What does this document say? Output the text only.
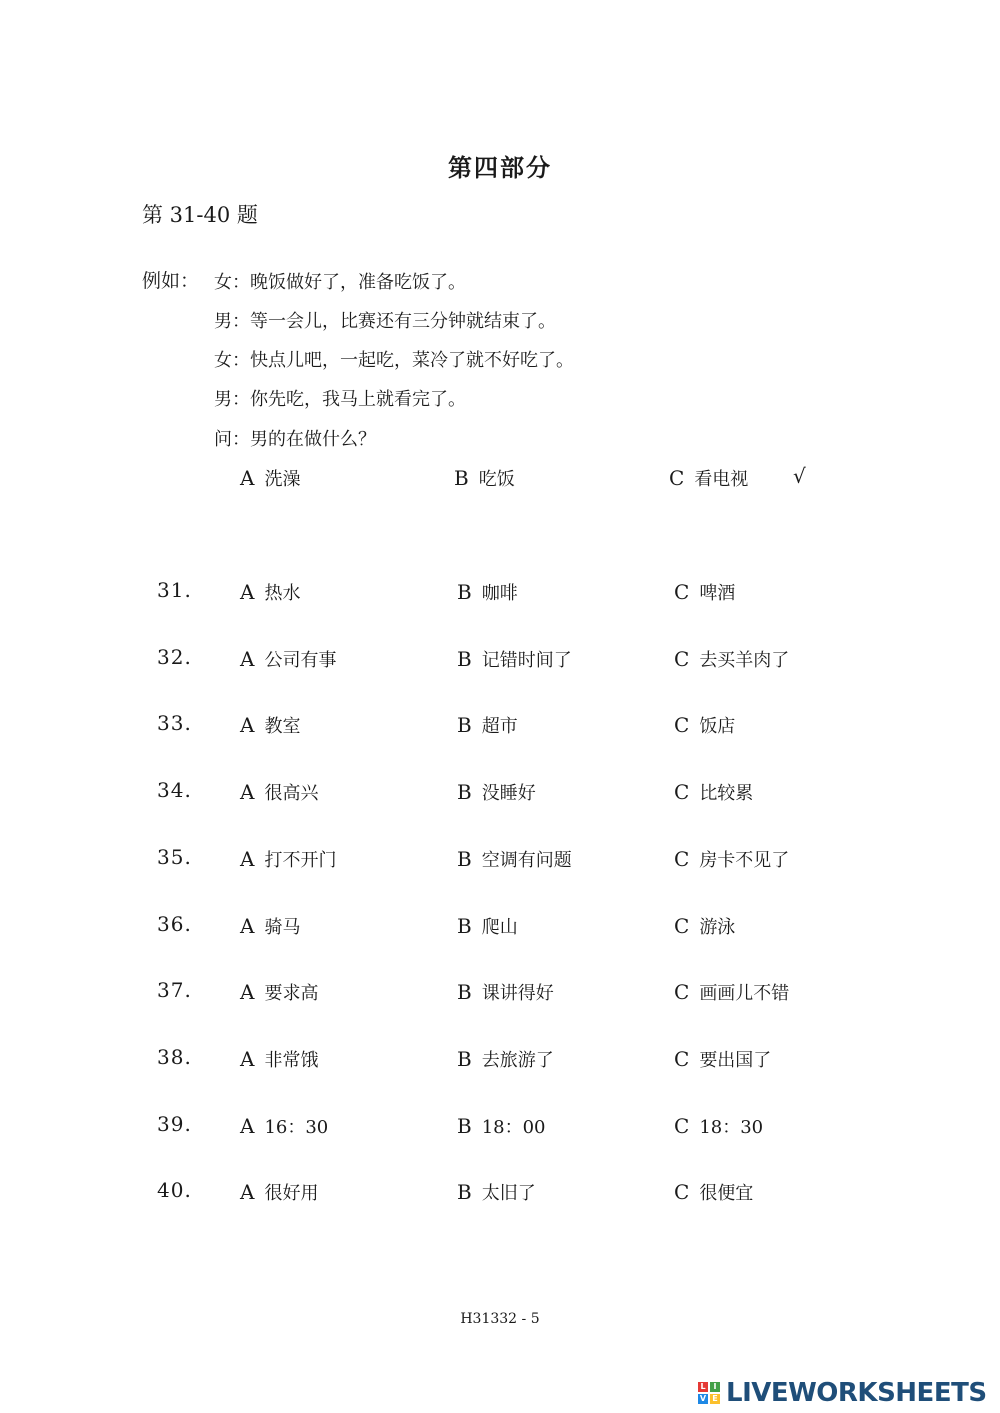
第四部分
第 31-40 题
例如： 女：晚饭做好了，准备吃饭了。
男：等一会儿，比赛还有三分钟就结束了。
女：快点儿吧，一起吃，菜冷了就不好吃了。
男：你先吃，我马上就看完了。
问：男的在做什么？
A 洗澡	B 吃饭	C 看电视 √
31. A 热水	B 咖啡	C 啤酒
32. A 公司有事	B 记错时间了	C 去买羊肉了
33. A 教室	B 超市	C 饭店
34. A 很高兴	B 没睡好	C 比较累
35. A 打不开门	B 空调有问题	C 房卡不见了
36. A 骑马	B 爬山	C 游泳
37. A 要求高	B 课讲得好	C 画画儿不错
38. A 非常饿	B 去旅游了	C 要出国了
39. A 16：30	B 18：00	C 18：30
40. A 很好用	B 太旧了	C 很便宜
H31332 - 5
L I
V E LIVEWORKSHEETS
